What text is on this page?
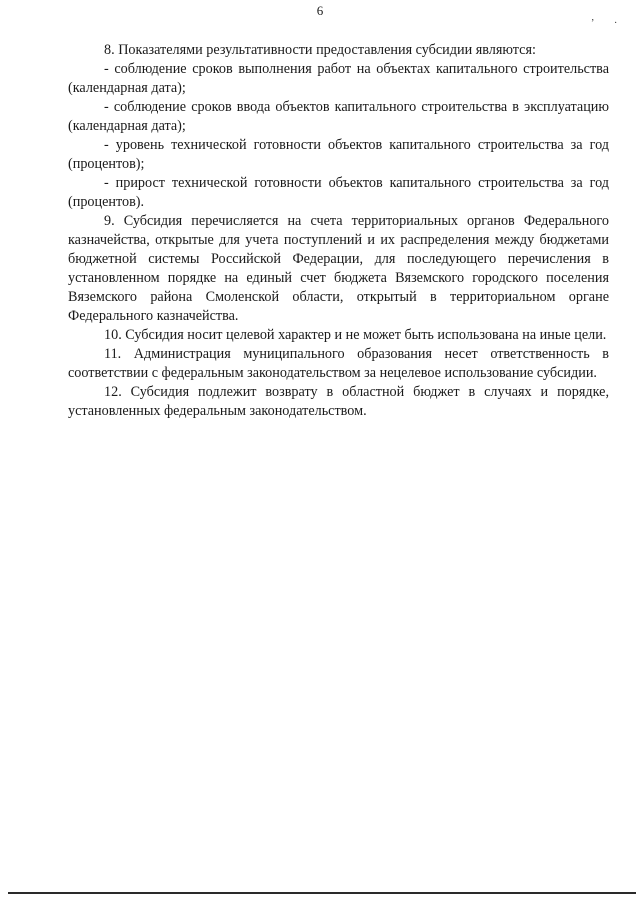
6
ʼ ·

8. Показателями результативности предоставления субсидии являются:

- соблюдение сроков выполнения работ на объектах капитального строительства (календарная дата);

- соблюдение сроков ввода объектов капитального строительства в эксплуатацию (календарная дата);

- уровень технической готовности объектов капитального строительства за год (процентов);

- прирост технической готовности объектов капитального строительства за год (процентов).

9. Субсидия перечисляется на счета территориальных органов Федерального казначейства, открытые для учета поступлений и их распределения между бюджетами бюджетной системы Российской Федерации, для последующего перечисления в установленном порядке на единый счет бюджета Вяземского городского поселения Вяземского района Смоленской области, открытый в территориальном органе Федерального казначейства.

10. Субсидия носит целевой характер и не может быть использована на иные цели.

11. Администрация муниципального образования несет ответственность в соответствии с федеральным законодательством за нецелевое использование субсидии.

12. Субсидия подлежит возврату в областной бюджет в случаях и порядке, установленных федеральным законодательством.
